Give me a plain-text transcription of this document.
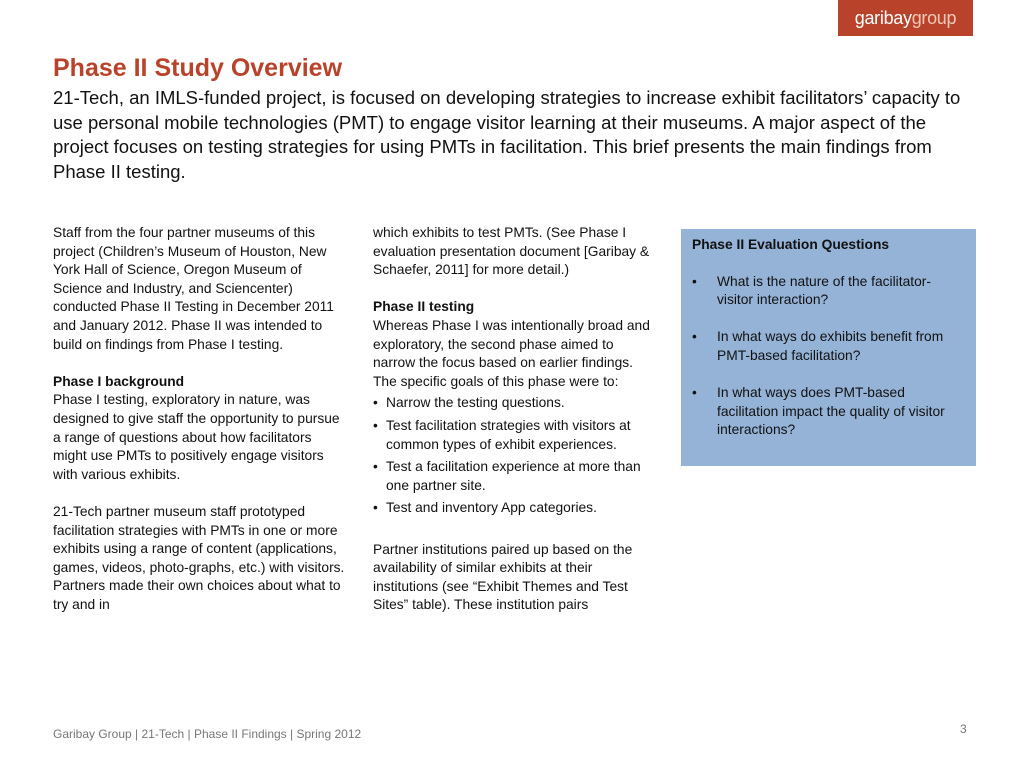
garibay group
Phase II Study Overview

21-Tech, an IMLS-funded project, is focused on developing strategies to increase exhibit facilitators’ capacity to use personal mobile technologies (PMT) to engage visitor learning at their museums. A major aspect of the project focuses on testing strategies for using PMTs in facilitation. This brief presents the main findings from Phase II testing.

Staff from the four partner museums of this project (Children’s Museum of Houston, New York Hall of Science, Oregon Museum of Science and Industry, and Sciencenter) conducted Phase II Testing in December 2011 and January 2012. Phase II was intended to build on findings from Phase I testing.

Phase I background

Phase I testing, exploratory in nature, was designed to give staff the opportunity to pursue a range of questions about how facilitators might use PMTs to positively engage visitors with various exhibits.

21-Tech partner museum staff prototyped facilitation strategies with PMTs in one or more exhibits using a range of content (applications, games, videos, photo-graphs, etc.) with visitors. Partners made their own choices about what to try and in

which exhibits to test PMTs. (See Phase I evaluation presentation document [Garibay & Schaefer, 2011] for more detail.)

Phase II testing

Whereas Phase I was intentionally broad and exploratory, the second phase aimed to narrow the focus based on earlier findings. The specific goals of this phase were to:

• Narrow the testing questions.
• Test facilitation strategies with visitors at common types of exhibit experiences.
• Test a facilitation experience at more than one partner site.
• Test and inventory App categories.

Partner institutions paired up based on the availability of similar exhibits at their institutions (see “Exhibit Themes and Test Sites” table). These institution pairs

Phase II Evaluation Questions
• What is the nature of the facilitator-visitor interaction?
• In what ways do exhibits benefit from PMT-based facilitation?
• In what ways does PMT-based facilitation impact the quality of visitor interactions?
Garibay Group | 21-Tech | Phase II Findings | Spring 2012	3
